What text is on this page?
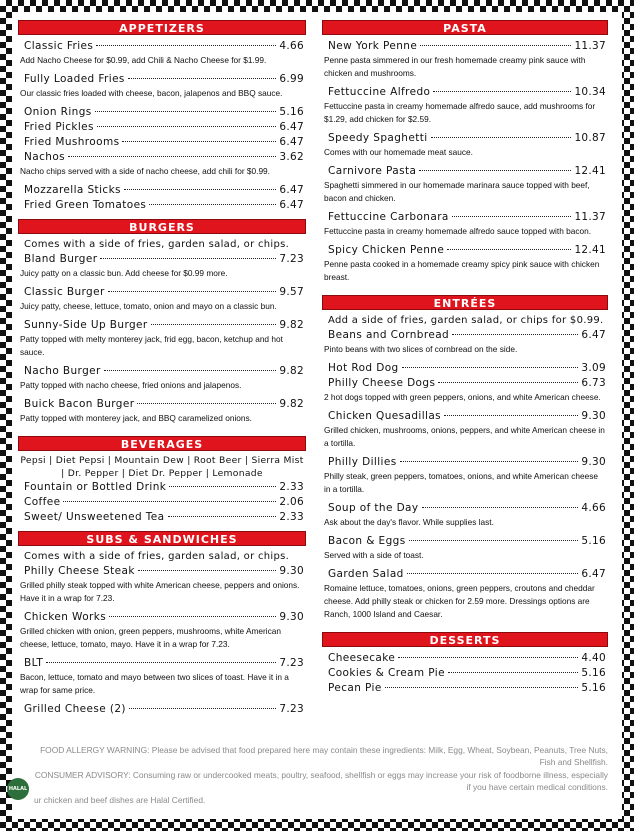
APPETIZERS
Classic Fries	4.66
Add Nacho Cheese for $0.99, add Chili & Nacho Cheese for $1.99.
Fully Loaded Fries	6.99
Our classic fries loaded with cheese, bacon, jalapenos and BBQ sauce.
Onion Rings	5.16
Fried Pickles	6.47
Fried Mushrooms	6.47
Nachos	3.62
Nacho chips served with a side of nacho cheese, add chili for $0.99.
Mozzarella Sticks	6.47
Fried Green Tomatoes	6.47
BURGERS
Comes with a side of fries, garden salad, or chips.
Bland Burger	7.23
Juicy patty on a classic bun. Add cheese for $0.99 more.
Classic Burger	9.57
Juicy patty, cheese, lettuce, tomato, onion and mayo on a classic bun.
Sunny-Side Up Burger	9.82
Patty topped with melty monterey jack, frid egg, bacon, ketchup and hot sauce.
Nacho Burger	9.82
Patty topped with nacho cheese, fried onions and jalapenos.
Buick Bacon Burger	9.82
Patty topped with monterey jack, and BBQ caramelized onions.
BEVERAGES
Pepsi | Diet Pepsi | Mountain Dew | Root Beer | Sierra Mist | Dr. Pepper | Diet Dr. Pepper | Lemonade
Fountain or Bottled Drink	2.33
Coffee	2.06
Sweet/ Unsweetened Tea	2.33
SUBS & SANDWICHES
Comes with a side of fries, garden salad, or chips.
Philly Cheese Steak	9.30
Grilled philly steak topped with white American cheese, peppers and onions. Have it in a wrap for 7.23.
Chicken Works	9.30
Grilled chicken with onion, green peppers, mushrooms, white American cheese, lettuce, tomato, mayo. Have it in a wrap for 7.23.
BLT	7.23
Bacon, lettuce, tomato and mayo between two slices of toast. Have it in a wrap for same price.
Grilled Cheese (2)	7.23
PASTA
New York Penne	11.37
Penne pasta simmered in our fresh homemade creamy pink sauce with chicken and mushrooms.
Fettuccine Alfredo	10.34
Fettuccine pasta in creamy homemade alfredo sauce, add mushrooms for $1.29, add chicken for $2.59.
Speedy Spaghetti	10.87
Comes with our homemade meat sauce.
Carnivore Pasta	12.41
Spaghetti simmered in our homemade marinara sauce topped with beef, bacon and chicken.
Fettuccine Carbonara	11.37
Fettuccine pasta in creamy homemade alfredo sauce topped with bacon.
Spicy Chicken Penne	12.41
Penne pasta cooked in a homemade creamy spicy pink sauce with chicken breast.
ENTRÉES
Add a side of fries, garden salad, or chips for $0.99.
Beans and Cornbread	6.47
Pinto beans with two slices of cornbread on the side.
Hot Rod Dog	3.09
Philly Cheese Dogs	6.73
2 hot dogs topped with green peppers, onions, and white American cheese.
Chicken Quesadillas	9.30
Grilled chicken, mushrooms, onions, peppers, and white American cheese in a tortilla.
Philly Dillies	9.30
Philly steak, green peppers, tomatoes, onions, and white American cheese in a tortilla.
Soup of the Day	4.66
Ask about the day's flavor. While supplies last.
Bacon & Eggs	5.16
Served with a side of toast.
Garden Salad	6.47
Romaine lettuce, tomatoes, onions, green peppers, croutons and cheddar cheese. Add philly steak or chicken for 2.59 more. Dressings options are Ranch, 1000 Island and Caesar.
DESSERTS
Cheesecake	4.40
Cookies & Cream Pie	5.16
Pecan Pie	5.16

FOOD ALLERGY WARNING: Please be advised that food prepared here may contain these ingredients: Milk, Egg, Wheat, Soybean, Peanuts, Tree Nuts, Fish and Shellfish.

CONSUMER ADVISORY: Consuming raw or undercooked meats, poultry, seafood, shellfish or eggs may increase your risk of foodborne illness, especially if you have certain medical conditions.

ur chicken and beef dishes are Halal Certified.

HALAL
